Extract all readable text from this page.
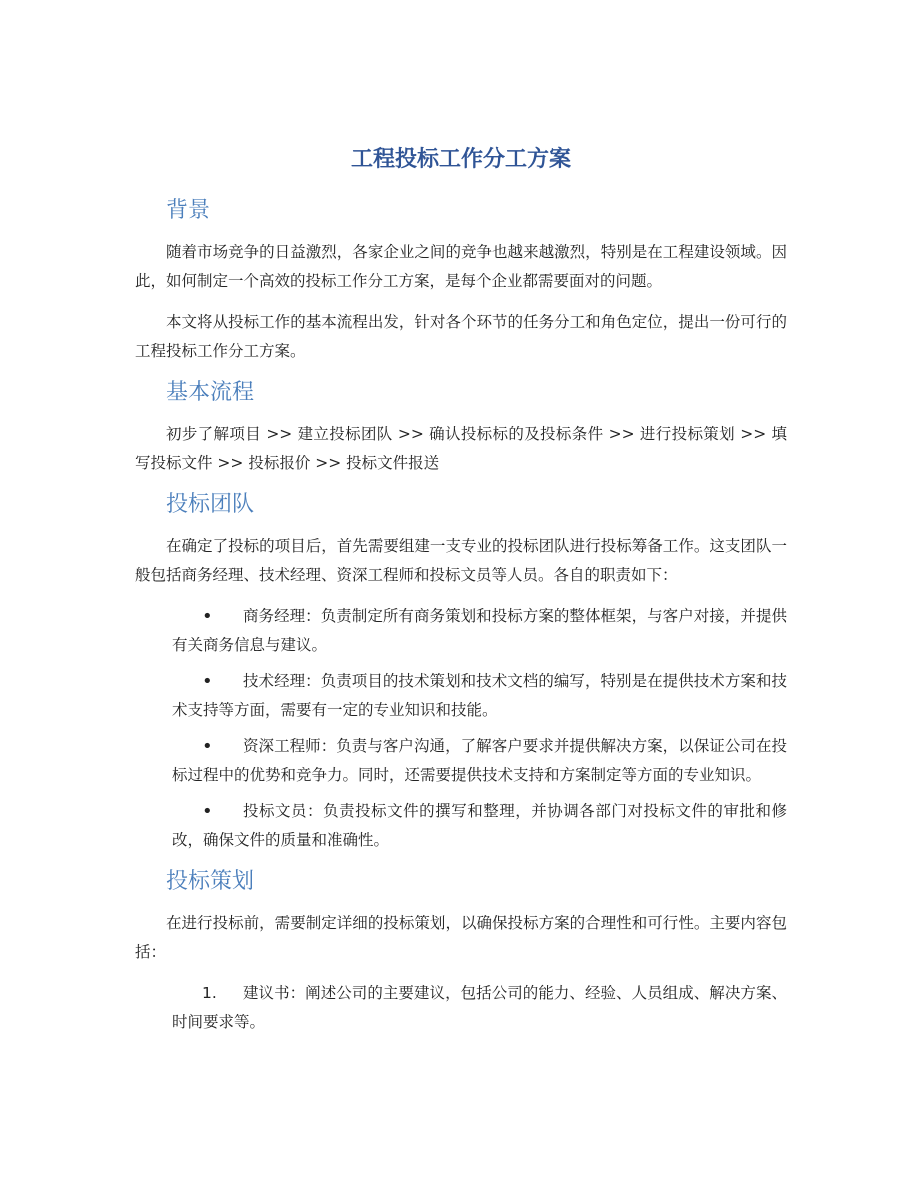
工程投标工作分工方案
背景

随着市场竞争的日益激烈，各家企业之间的竞争也越来越激烈，特别是在工程建设领域。因此，如何制定一个高效的投标工作分工方案，是每个企业都需要面对的问题。

本文将从投标工作的基本流程出发，针对各个环节的任务分工和角色定位，提出一份可行的工程投标工作分工方案。

基本流程

初步了解项目 >> 建立投标团队 >> 确认投标标的及投标条件 >> 进行投标策划 >> 填写投标文件 >> 投标报价 >> 投标文件报送

投标团队

在确定了投标的项目后，首先需要组建一支专业的投标团队进行投标筹备工作。这支团队一般包括商务经理、技术经理、资深工程师和投标文员等人员。各自的职责如下：

• 商务经理：负责制定所有商务策划和投标方案的整体框架，与客户对接，并提供有关商务信息与建议。
• 技术经理：负责项目的技术策划和技术文档的编写，特别是在提供技术方案和技术支持等方面，需要有一定的专业知识和技能。
• 资深工程师：负责与客户沟通，了解客户要求并提供解决方案，以保证公司在投标过程中的优势和竞争力。同时，还需要提供技术支持和方案制定等方面的专业知识。
• 投标文员：负责投标文件的撰写和整理，并协调各部门对投标文件的审批和修改，确保文件的质量和准确性。
投标策划

在进行投标前，需要制定详细的投标策划，以确保投标方案的合理性和可行性。主要内容包括：

1. 建议书：阐述公司的主要建议，包括公司的能力、经验、人员组成、解决方案、时间要求等。
